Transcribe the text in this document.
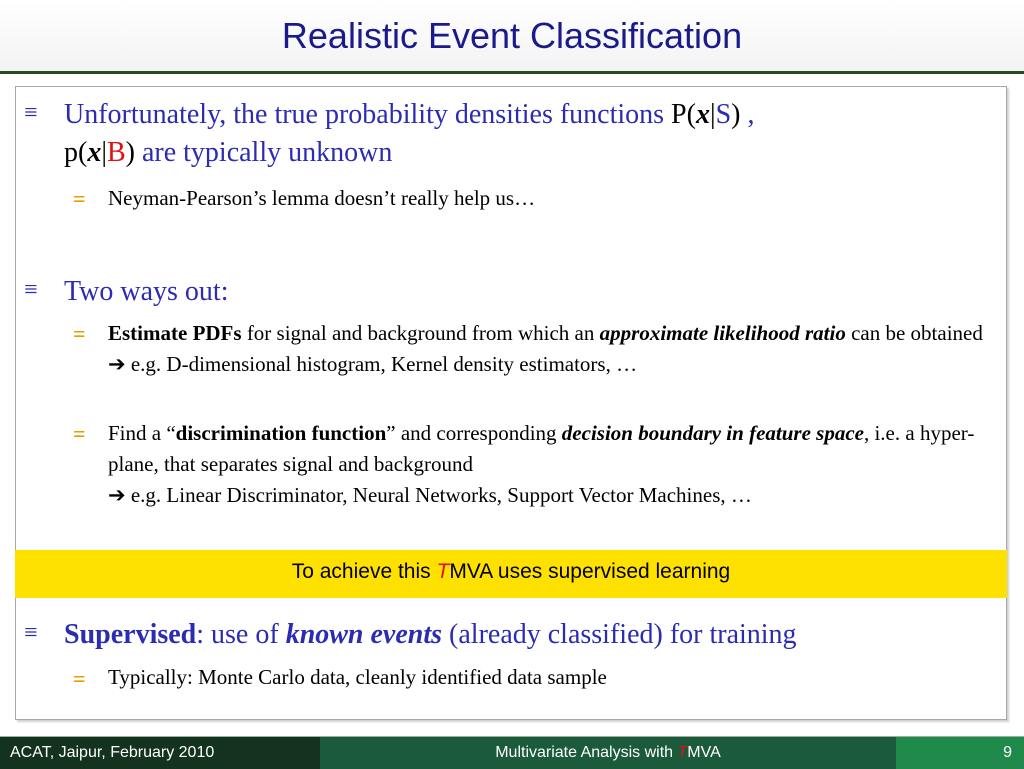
Realistic Event Classification
≡ Unfortunately, the true probability densities functions P(x|S) ,
p(x|B) are typically unknown
= Neyman-Pearson’s lemma doesn’t really help us…
≡ Two ways out:
= Estimate PDFs for signal and background from which an approximate likelihood ratio can be obtained
➔ e.g. D-dimensional histogram, Kernel density estimators, …
= Find a “discrimination function” and corresponding decision boundary in feature space, i.e. a hyper-plane, that separates signal and background
➔ e.g. Linear Discriminator, Neural Networks, Support Vector Machines, …
To achieve this TMVA uses supervised learning
≡ Supervised: use of known events (already classified) for training
= Typically: Monte Carlo data, cleanly identified data sample
ACAT, Jaipur, February 2010	Multivariate Analysis with TMVA	9
